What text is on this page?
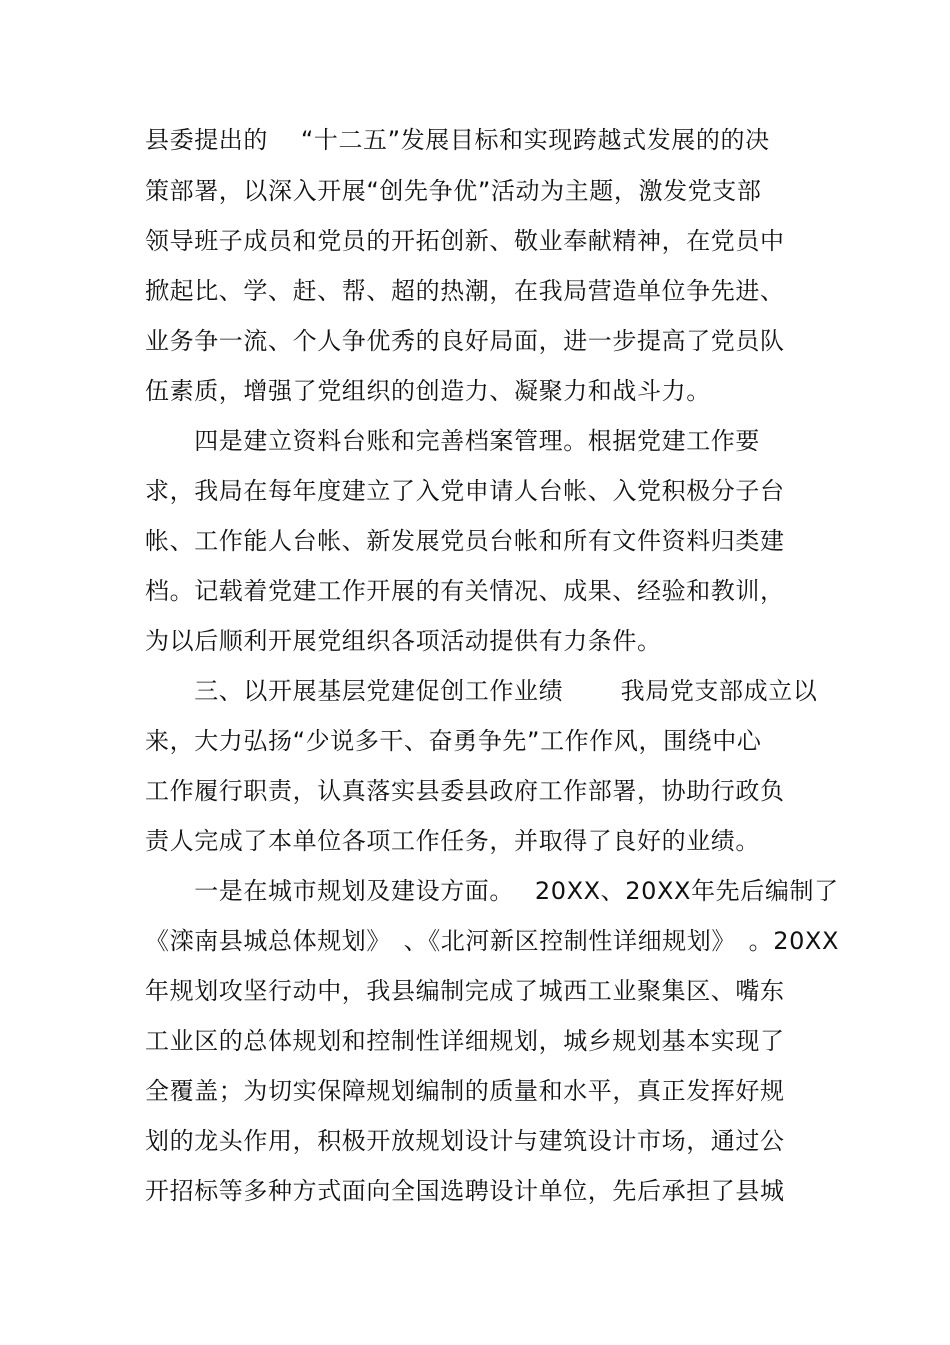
县委提出的　 “十二五”发展目标和实现跨越式发展的的决
策部署，以深入开展“创先争优”活动为主题，激发党支部
领导班子成员和党员的开拓创新、敬业奉献精神，在党员中
掀起比、学、赶、帮、超的热潮，在我局营造单位争先进、
业务争一流、个人争优秀的良好局面，进一步提高了党员队
伍素质，增强了党组织的创造力、凝聚力和战斗力。
　　四是建立资料台账和完善档案管理。根据党建工作要
求，我局在每年度建立了入党申请人台帐、入党积极分子台
帐、工作能人台帐、新发展党员台帐和所有文件资料归类建
档。记载着党建工作开展的有关情况、成果、经验和教训，
为以后顺利开展党组织各项活动提供有力条件。
　　三、以开展基层党建促创工作业绩　　 我局党支部成立以
来，大力弘扬“少说多干、奋勇争先”工作作风，围绕中心
工作履行职责，认真落实县委县政府工作部署，协助行政负
责人完成了本单位各项工作任务，并取得了良好的业绩。
　　一是在城市规划及建设方面。　 20XX、20XX年先后编制了
《滦南县城总体规划》　、《北河新区控制性详细规划》　。20XX
年规划攻坚行动中，我县编制完成了城西工业聚集区、嘴东
工业区的总体规划和控制性详细规划，城乡规划基本实现了
全覆盖；为切实保障规划编制的质量和水平，真正发挥好规
划的龙头作用，积极开放规划设计与建筑设计市场，通过公
开招标等多种方式面向全国选聘设计单位，先后承担了县城
